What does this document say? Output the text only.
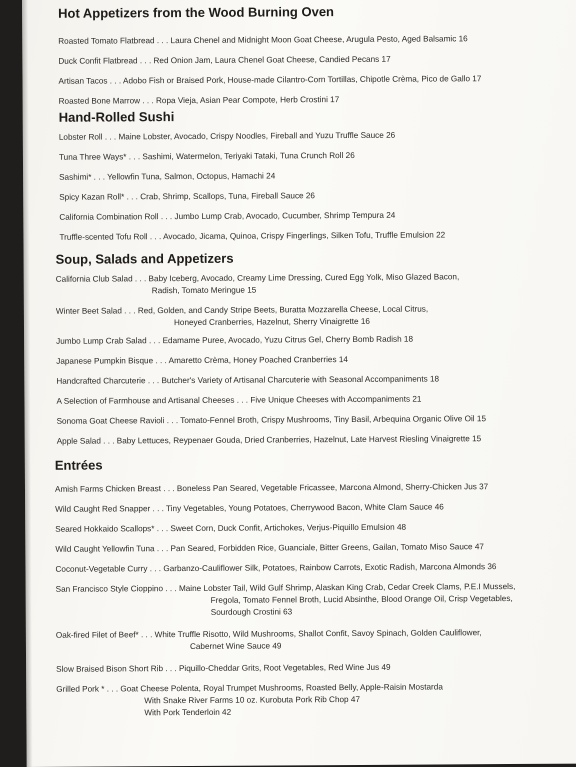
Hot Appetizers from the Wood Burning Oven
Roasted Tomato Flatbread . . . Laura Chenel and Midnight Moon Goat Cheese, Arugula Pesto, Aged Balsamic 16
Duck Confit Flatbread . . . Red Onion Jam, Laura Chenel Goat Cheese, Candied Pecans 17
Artisan Tacos . . . Adobo Fish or Braised Pork, House-made Cilantro-Corn Tortillas, Chipotle Crèma, Pico de Gallo 17
Roasted Bone Marrow . . . Ropa Vieja, Asian Pear Compote, Herb Crostini 17
Hand-Rolled Sushi
Lobster Roll . . . Maine Lobster, Avocado, Crispy Noodles, Fireball and Yuzu Truffle Sauce 26
Tuna Three Ways* . . . Sashimi, Watermelon, Teriyaki Tataki, Tuna Crunch Roll 26
Sashimi* . . . Yellowfin Tuna, Salmon, Octopus, Hamachi 24
Spicy Kazan Roll* . . . Crab, Shrimp, Scallops, Tuna, Fireball Sauce 26
California Combination Roll . . . Jumbo Lump Crab, Avocado, Cucumber, Shrimp Tempura 24
Truffle-scented Tofu Roll . . . Avocado, Jicama, Quinoa, Crispy Fingerlings, Silken Tofu, Truffle Emulsion 22
Soup, Salads and Appetizers
California Club Salad . . . Baby Iceberg, Avocado, Creamy Lime Dressing, Cured Egg Yolk, Miso Glazed Bacon,
Radish, Tomato Meringue 15
Winter Beet Salad . . . Red, Golden, and Candy Stripe Beets, Buratta Mozzarella Cheese, Local Citrus,
Honeyed Cranberries, Hazelnut, Sherry Vinaigrette 16
Jumbo Lump Crab Salad . . . Edamame Puree, Avocado, Yuzu Citrus Gel, Cherry Bomb Radish 18
Japanese Pumpkin Bisque . . . Amaretto Crèma, Honey Poached Cranberries 14
Handcrafted Charcuterie . . . Butcher's Variety of Artisanal Charcuterie with Seasonal Accompaniments 18
A Selection of Farmhouse and Artisanal Cheeses . . . Five Unique Cheeses with Accompaniments 21
Sonoma Goat Cheese Ravioli . . . Tomato-Fennel Broth, Crispy Mushrooms, Tiny Basil, Arbequina Organic Olive Oil 15
Apple Salad . . . Baby Lettuces, Reypenaer Gouda, Dried Cranberries, Hazelnut, Late Harvest Riesling Vinaigrette 15
Entrées
Amish Farms Chicken Breast . . . Boneless Pan Seared, Vegetable Fricassee, Marcona Almond, Sherry-Chicken Jus 37
Wild Caught Red Snapper . . . Tiny Vegetables, Young Potatoes, Cherrywood Bacon, White Clam Sauce 46
Seared Hokkaido Scallops* . . . Sweet Corn, Duck Confit, Artichokes, Verjus-Piquillo Emulsion 48
Wild Caught Yellowfin Tuna . . . Pan Seared, Forbidden Rice, Guanciale, Bitter Greens, Gailan, Tomato Miso Sauce 47
Coconut-Vegetable Curry . . . Garbanzo-Cauliflower Silk, Potatoes, Rainbow Carrots, Exotic Radish, Marcona Almonds 36
San Francisco Style Cioppino . . . Maine Lobster Tail, Wild Gulf Shrimp, Alaskan King Crab, Cedar Creek Clams, P.E.I Mussels,
Fregola, Tomato Fennel Broth, Lucid Absinthe, Blood Orange Oil, Crisp Vegetables,
Sourdough Crostini 63
Oak-fired Filet of Beef* . . . White Truffle Risotto, Wild Mushrooms, Shallot Confit, Savoy Spinach, Golden Cauliflower,
Cabernet Wine Sauce 49
Slow Braised Bison Short Rib . . . Piquillo-Cheddar Grits, Root Vegetables, Red Wine Jus 49
Grilled Pork * . . . Goat Cheese Polenta, Royal Trumpet Mushrooms, Roasted Belly, Apple-Raisin Mostarda
With Snake River Farms 10 oz. Kurobuta Pork Rib Chop 47
With Pork Tenderloin 42
